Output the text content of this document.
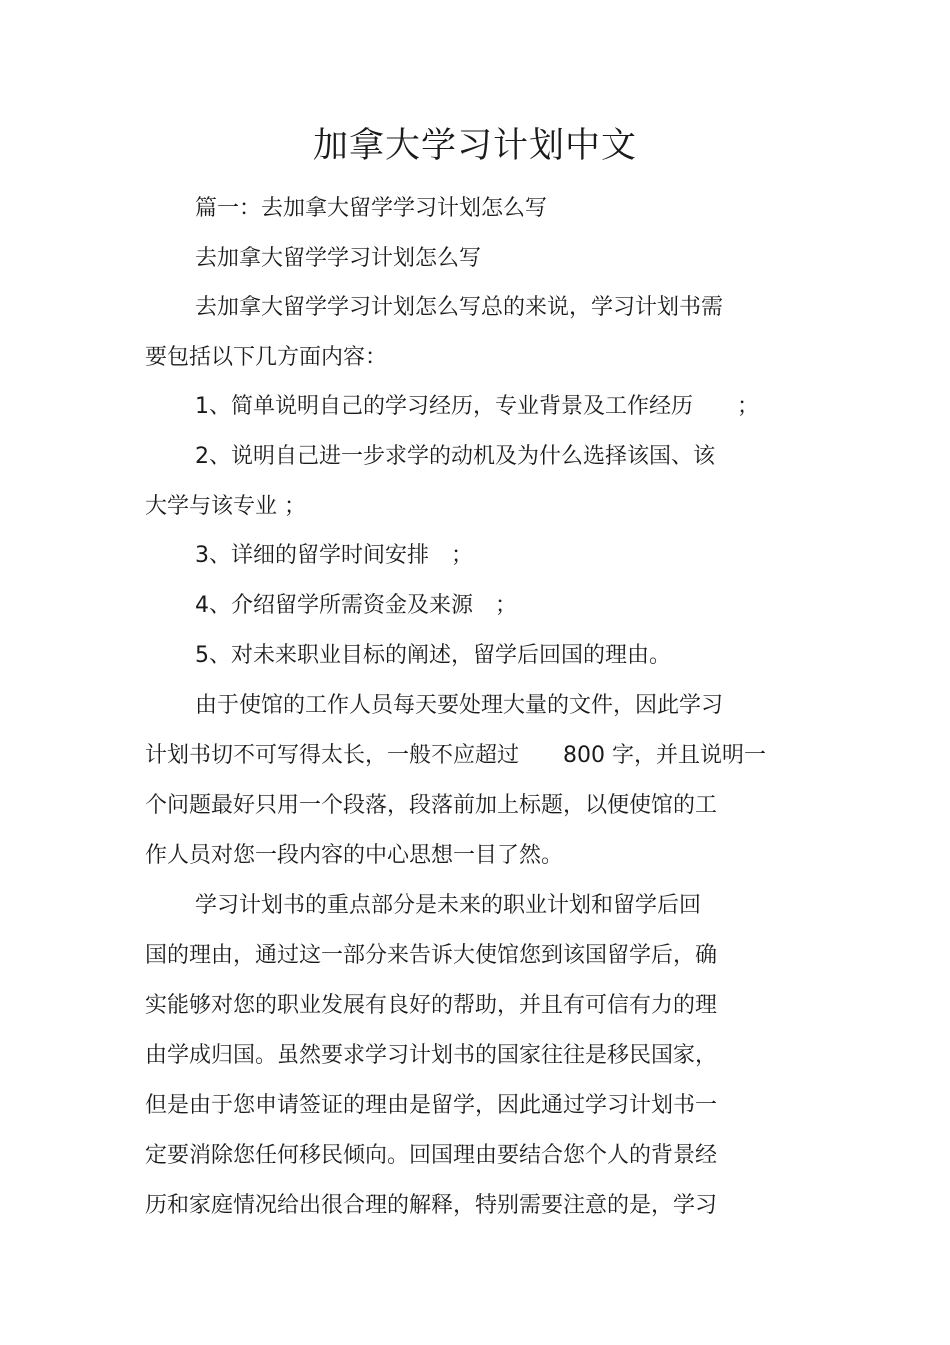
加拿大学习计划中文
篇一：去加拿大留学学习计划怎么写
去加拿大留学学习计划怎么写
去加拿大留学学习计划怎么写总的来说，学习计划书需
要包括以下几方面内容：
1、简单说明自己的学习经历，专业背景及工作经历　　；
2、说明自己进一步求学的动机及为什么选择该国、该
大学与该专业 ；
3、详细的留学时间安排　；
4、介绍留学所需资金及来源　；
5、对未来职业目标的阐述，留学后回国的理由。
由于使馆的工作人员每天要处理大量的文件，因此学习
计划书切不可写得太长，一般不应超过　　800 字，并且说明一
个问题最好只用一个段落，段落前加上标题，以便使馆的工
作人员对您一段内容的中心思想一目了然。
学习计划书的重点部分是未来的职业计划和留学后回
国的理由，通过这一部分来告诉大使馆您到该国留学后，确
实能够对您的职业发展有良好的帮助，并且有可信有力的理
由学成归国。虽然要求学习计划书的国家往往是移民国家，
但是由于您申请签证的理由是留学，因此通过学习计划书一
定要消除您任何移民倾向。回国理由要结合您个人的背景经
历和家庭情况给出很合理的解释，特别需要注意的是，学习
